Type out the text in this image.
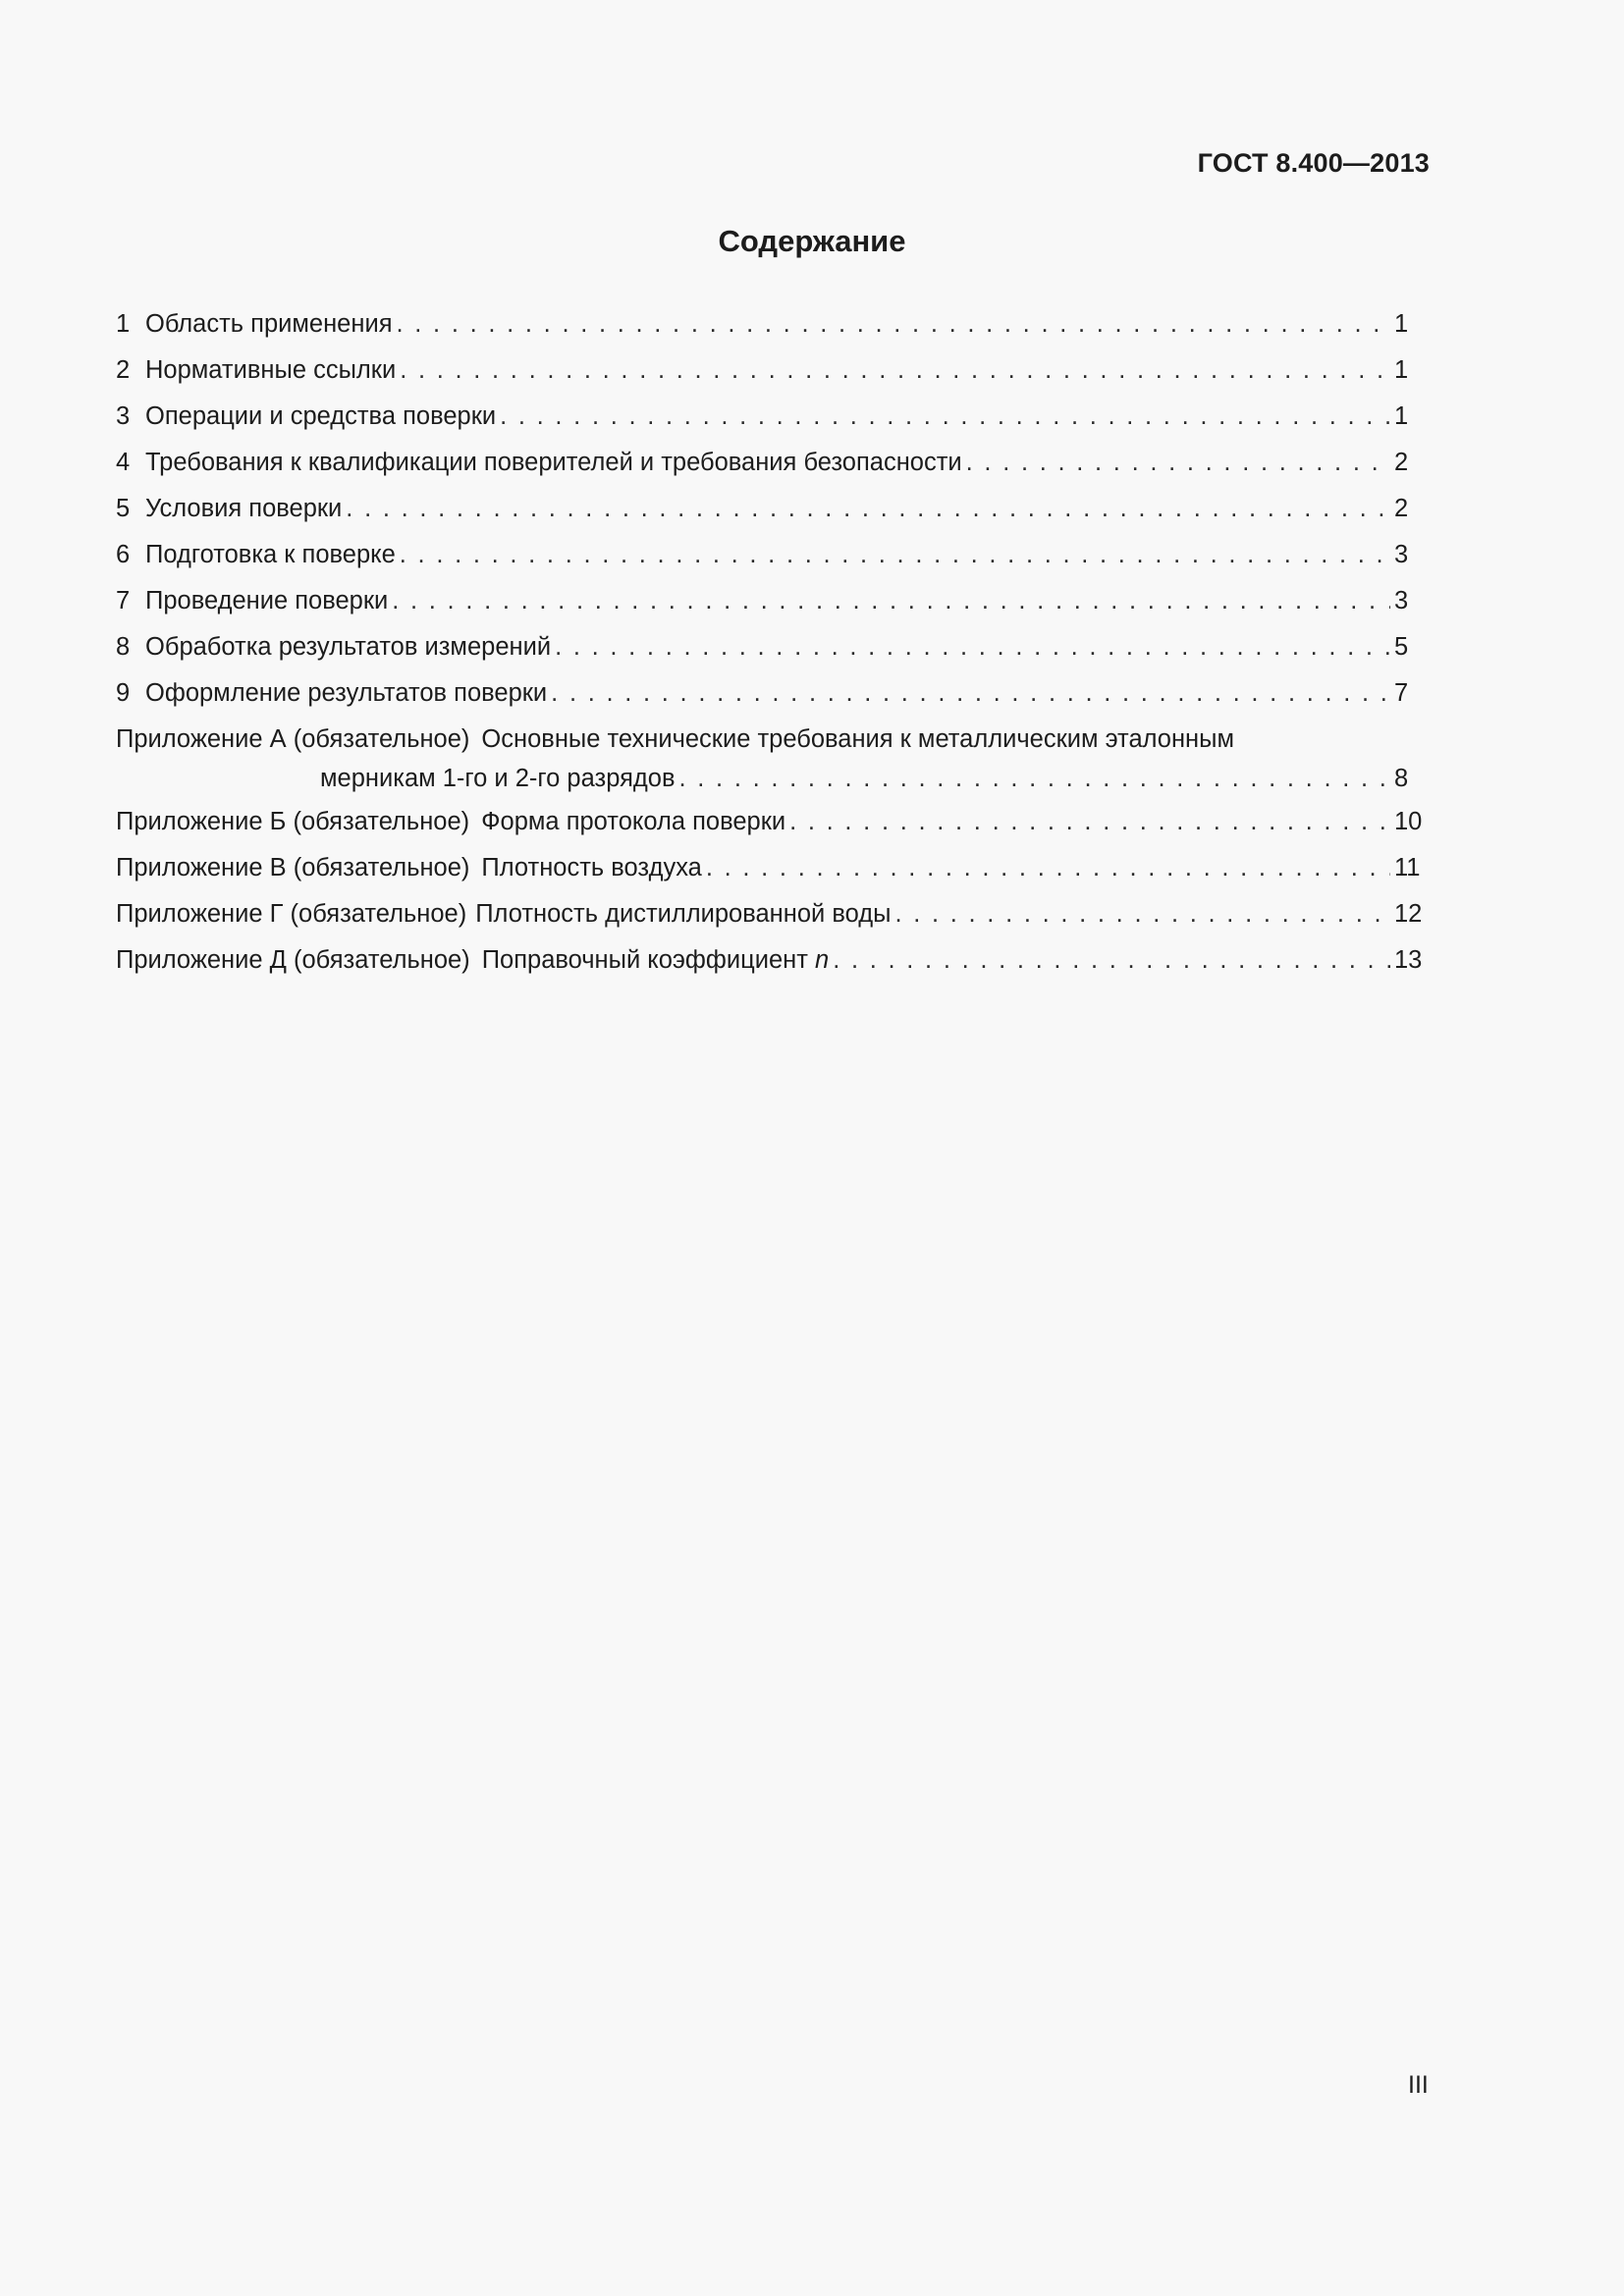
ГОСТ 8.400—2013
Содержание
1 Область применения . . .	1
2 Нормативные ссылки . . .	1
3 Операции и средства поверки . . .	1
4 Требования к квалификации поверителей и требования безопасности . . .	2
5 Условия поверки . . .	2
6 Подготовка к поверке . . .	3
7 Проведение поверки . . .	3
8 Обработка результатов измерений . . .	5
9 Оформление результатов поверки . . .	7
Приложение А (обязательное) Основные технические требования к металлическим эталонным
мерникам 1-го и 2-го разрядов . . .	8
Приложение Б (обязательное) Форма протокола поверки . . .	10
Приложение В (обязательное) Плотность воздуха . . .	11
Приложение Г (обязательное) Плотность дистиллированной воды . . .	12
Приложение Д (обязательное) Поправочный коэффициент n . . .	13
III
